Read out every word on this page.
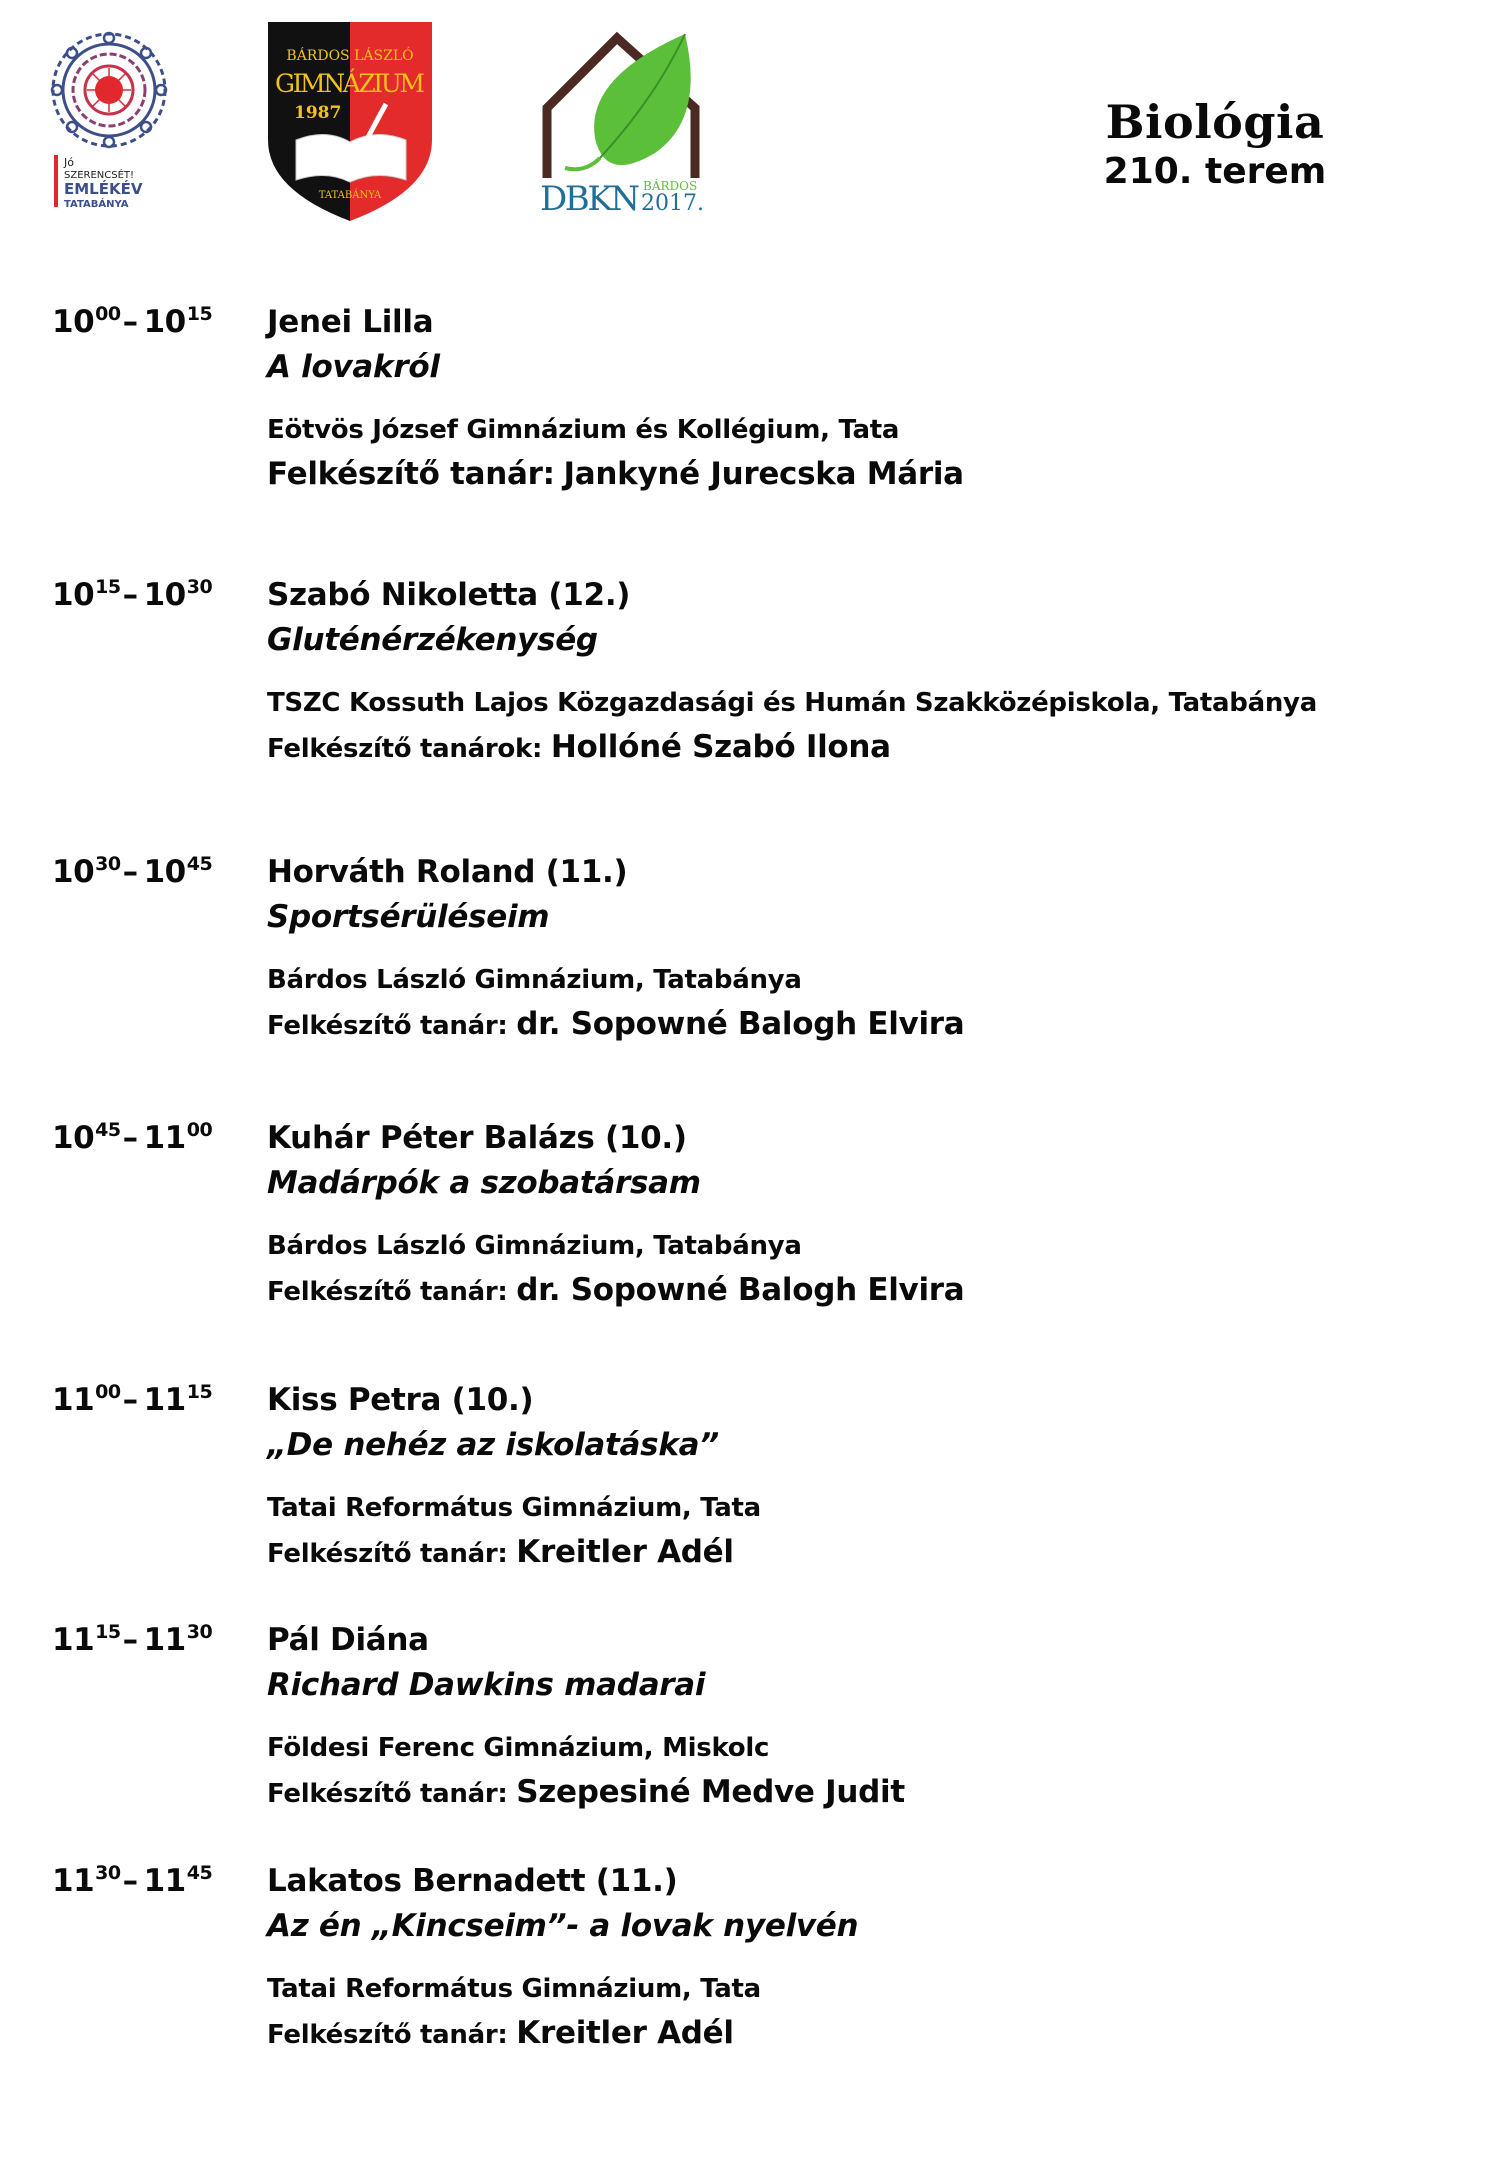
Jó
SZERENCSÉT!
EMLÉKÉV
TATABÁNYA
BÁRDOS LÁSZLÓ
GIMNÁZIUM
1987
TATABÁNYA	DBKN BÁRDOS
2017.
Biológia
210. terem
$10^{00}-$ $10^{15}$ Jenei Lilla
A lovakról
Eötvös József Gimnázium és Kollégium, Tata
Felkészítő tanár: Jankyné Jurecska Mária
$10^{15}-$ $10^{30}$ Szabó Nikoletta (12.)
Gluténérzékenység
TSZC Kossuth Lajos Közgazdasági és Humán Szakközépiskola, Tatabánya
Felkészítő tanárok: Hollóné Szabó Ilona
$10^{30}-$ $10^{45}$ Horváth Roland (11.)
Sportsérüléseim
Bárdos László Gimnázium, Tatabánya
Felkészítő tanár: dr. Sopowné Balogh Elvira
$10^{45}-$ $11^{00}$ Kuhár Péter Balázs (10.)
Madárpók a szobatársam
Bárdos László Gimnázium, Tatabánya
Felkészítő tanár: dr. Sopowné Balogh Elvira
$11^{00}-$ $11^{15}$ Kiss Petra (10.)
„De nehéz az iskolatáska”
Tatai Református Gimnázium, Tata
Felkészítő tanár: Kreitler Adél
$11^{15}-$ $11^{30}$ Pál Diána
Richard Dawkins madarai
Földesi Ferenc Gimnázium, Miskolc
Felkészítő tanár: Szepesiné Medve Judit
$11^{30}-$ $11^{45}$ Lakatos Bernadett (11.)
Az én „Kincseim”- a lovak nyelvén
Tatai Református Gimnázium, Tata
Felkészítő tanár: Kreitler Adél
